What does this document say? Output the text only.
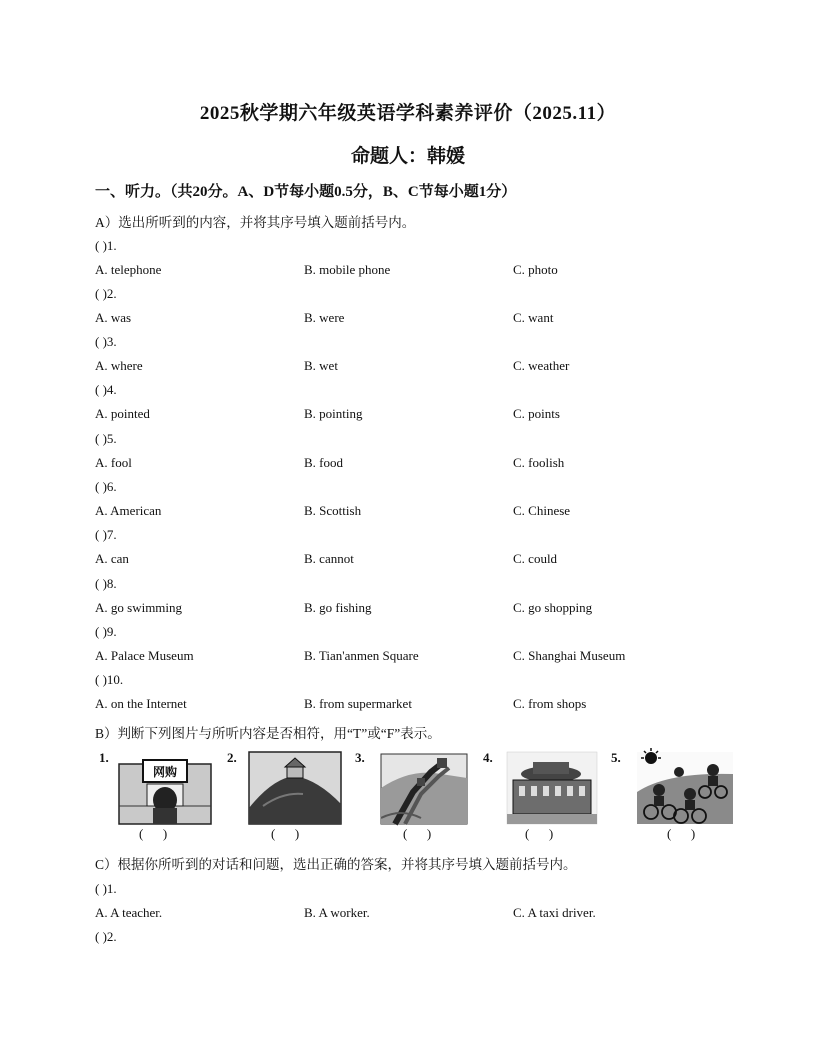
2025秋学期六年级英语学科素养评价（2025.11）
命题人：韩媛
一、听力。（共20分。A、D节每小题0.5分，B、C节每小题1分）
A）选出所听到的内容，并将其序号填入题前括号内。
( )1.
A. telephone	B. mobile phone	C. photo
( )2.
A. was	B. were	C. want
( )3.
A. where	B. wet	C. weather
( )4.
A. pointed	B. pointing	C. points
( )5.
A. fool	B. food	C. foolish
( )6.
A. American	B. Scottish	C. Chinese
( )7.
A. can	B. cannot	C. could
( )8.
A. go swimming	B. go fishing	C. go shopping
( )9.
A. Palace Museum	B. Tian'anmen Square	C. Shanghai Museum
( )10.
A. on the Internet	B. from supermarket	C. from shops
B）判断下列图片与所听内容是否相符，用“T”或“F”表示。
网购
1.
(      )
2.
(      )
3.
(      )
4.
(      )
5.
(      )
C）根据你所听到的对话和问题，选出正确的答案，并将其序号填入题前括号内。
( )1.
A. A teacher.	B. A worker.	C. A taxi driver.
( )2.
